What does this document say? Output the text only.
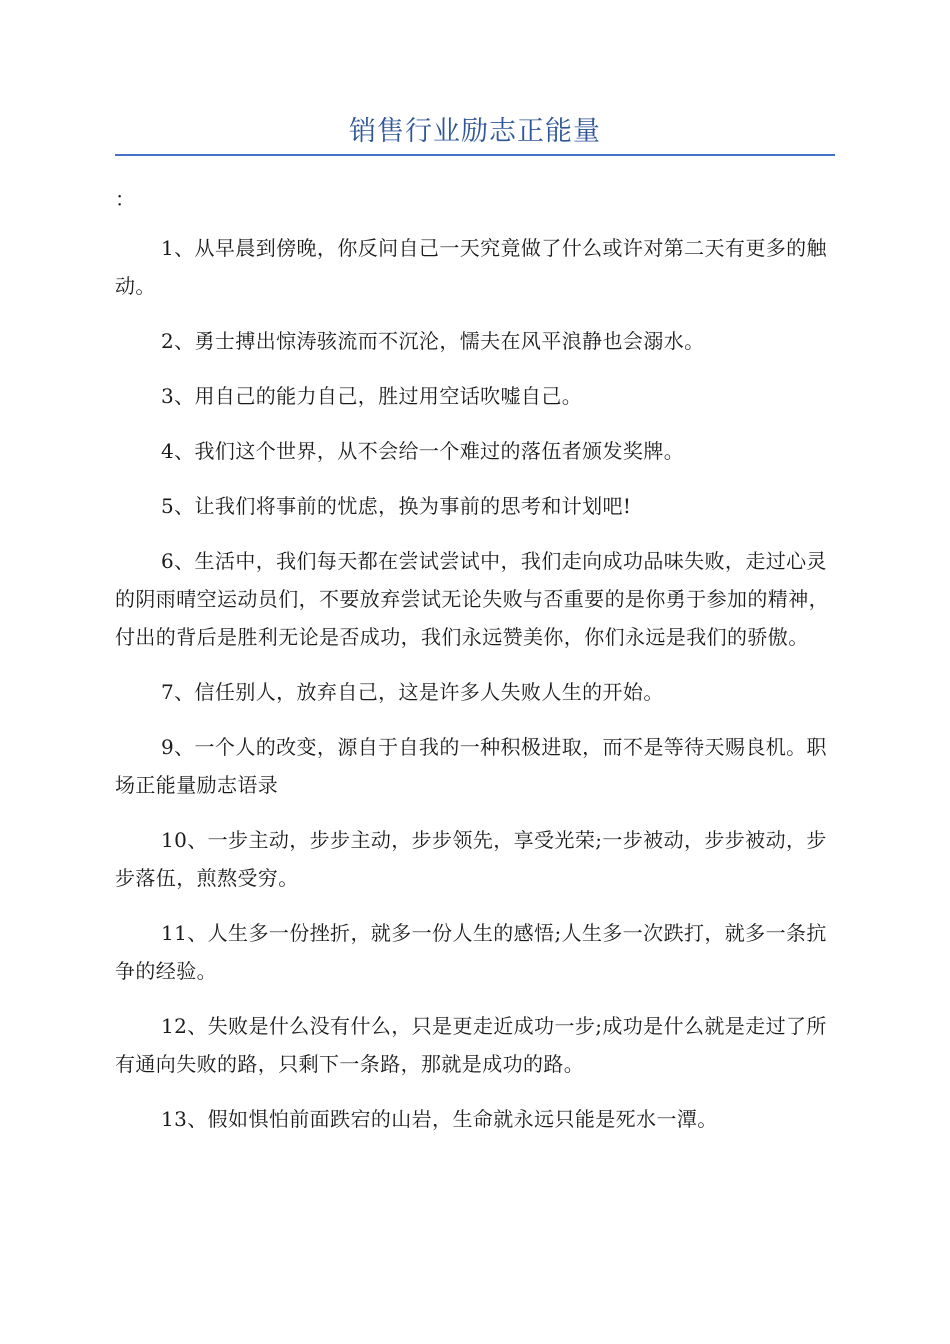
销售行业励志正能量
：

1、从早晨到傍晚，你反问自己一天究竟做了什么或许对第二天有更多的触动。

2、勇士搏出惊涛骇流而不沉沦，懦夫在风平浪静也会溺水。

3、用自己的能力自己，胜过用空话吹嘘自己。

4、我们这个世界，从不会给一个难过的落伍者颁发奖牌。

5、让我们将事前的忧虑，换为事前的思考和计划吧!

6、生活中，我们每天都在尝试尝试中，我们走向成功品味失败，走过心灵的阴雨晴空运动员们，不要放弃尝试无论失败与否重要的是你勇于参加的精神，付出的背后是胜利无论是否成功，我们永远赞美你，你们永远是我们的骄傲。

7、信任别人，放弃自己，这是许多人失败人生的开始。

9、一个人的改变，源自于自我的一种积极进取，而不是等待天赐良机。职场正能量励志语录

10、一步主动，步步主动，步步领先，享受光荣;一步被动，步步被动，步步落伍，煎熬受穷。

11、人生多一份挫折，就多一份人生的感悟;人生多一次跌打，就多一条抗争的经验。

12、失败是什么没有什么，只是更走近成功一步;成功是什么就是走过了所有通向失败的路，只剩下一条路，那就是成功的路。

13、假如惧怕前面跌宕的山岩，生命就永远只能是死水一潭。
